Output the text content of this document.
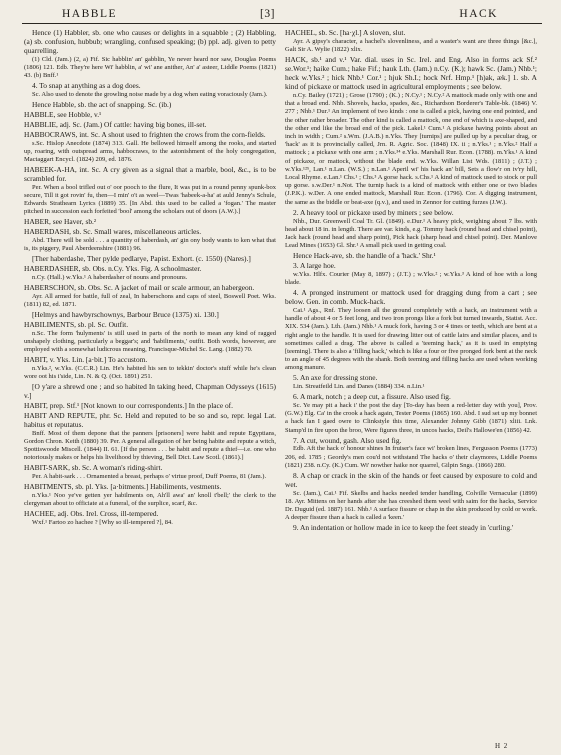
HABBLE	[3]	HACK

Hence (1) Habbler, sb. one who causes or delights in a squabble ; (2) Habbling, (a) sb. confusion, hubbub; wrangling, confused speaking; (b) ppl. adj. given to petty quarrelling.

(1) Cld. (Jam.) (2, a) Fif. Sic habblin' an' gabblin, Ye never heard nor saw, Douglas Poems (1806) 121. Edb. They're here Wi' habblin, a' wi' ane anither, An' a' asteer, Liddle Poems (1821) 43. (b) Bnff.¹

4. To snap at anything as a dog does.

Sc. Also used to denote the growling noise made by a dog when eating voraciously (Jam.).

Hence Habble, sb. the act of snapping. Sc. (ib.)

HABBLE, see Hobble, v.¹

HABBLIE, adj. Sc. (Jam.) Of cattle: having big bones, ill-set.

HABBOCRAWS, int. Sc. A shout used to frighten the crows from the corn-fields.

s.Sc. Hislop Anecdote (1874) 313. Gall. He bellowed himself among the rooks, and started up, roaring, with outspread arms, habbocraws, to the astonishment of the holy congregation, Mactaggart Encycl. (1824) 209, ed. 1876.

HABEEK-A-HA, int. Sc. A cry given as a signal that a marble, bool, &c., is to be scrambled for.

Per. When a bool trifled out o' oor pooch to the flure, It was put in a round penny spunk-box secure, Till it got rovin' fu, then—I min' o't as weel—Twas 'habeek-a-ha' at auld Jenny's Schule, Edwards Strathearn Lyrics (1889) 35. [In Abd. this used to be called a 'fogan.' The master pitched in succession each forfeited 'bool' among the scholars out of doors (A.W.).]

HABER, see Haver, sb.²

HABERDASH, sb. Sc. Small wares, miscellaneous articles.

Abd. There will be sold . . . a quantity of haberdash, an' gin ony body wants to ken what that is, its piggery, Paul Aberdeenshire (1881) 96.

[Ther haberdashe, Ther pylde pedlarye, Papist. Exhort. (c. 1550) (Nares).]

HABERDASHER, sb. Obs. n.Cy. Yks. Fig. A schoolmaster.

n.Cy. (Hall.) w.Yks.¹ A haberdasher of nouns and pronouns.

HABERSCHON, sb. Obs. Sc. A jacket of mail or scale armour, an habergeon.

Ayr. All armed for battle, full of zeal, In haberschons and caps of steel, Boswell Poet. Wks. (1811) 82, ed. 1871.

[Helmys and hawbyrschownys, Barbour Bruce (1375) xi. 130.]

HABILIMENTS, sb. pl. Sc. Outfit.

n.Sc. The form 'hulyments' is still used in parts of the north to mean any kind of ragged unshapely clothing, particularly a beggar's; and 'habiliments,' outfit. Both words, however, are employed with a somewhat ludicrous meaning, Francisque-Michel Sc. Lang. (1882) 70.

HABIT, v. Yks. Lin. [a·bit.] To accustom.

n.Yks.², w.Yks. (C.C.R.) Lin. He's habited his sen to tekkin' doctor's stuff while he's clean wore oot his i'side, Lin. N. & Q. (Oct. 1891) 251.

[O y'are a shrewd one ; and so habited In taking heed, Chapman Odysseys (1615) v.]

HABIT, prep. Stf.¹ [Not known to our correspondents.] In the place of.

HABIT AND REPUTE, phr. Sc. Held and reputed to be so and so, repr. legal Lat. habitus et reputatus.

Bnff. Most of them depone that the panners [prisoners] were habit and repute Egyptians, Gordon Chron. Keith (1880) 39. Per. A general allegation of her being habite and repute a witch, Spottiswoode Miscell. (1844) II. 61. [If the person . . . be habit and repute a thief—i.e. one who notoriously makes or helps his livelihood by thieving, Bell Dict. Law Scotl. (1861).]

HABIT-SARK, sb. Sc. A woman's riding-shirt.

Per. A habit-sark . . . Ornamented a breast, perhaps o' virtue proof, Duff Poems, 81 (Jam.).

HABITMENTS, sb. pl. Yks. [a·bitments.] Habiliments, vestments.

n.Yks.¹ Noo ye've getten yer habilments on, Ah'll awa' an' knoll t'bell;' the clerk to the clergyman about to officiate at a funeral, of the surplice, scarf, &c.

HACHEE, adj. Obs. Irel. Cross, ill-tempered.

Wxf.¹ Fartoo zo hachee ? [Why so ill-tempered ?], 84.

HACHEL, sb. Sc. [ha·χl.] A sloven, slut.

Ayr. A gipsy's character, a hachel's slovenliness, and a waster's want are three things [&c.], Galt Sir A. Wylie (1822) xlix.

HACK, sb.¹ and v.¹ Var. dial. uses in Sc. Irel. and Eng. Also in forms ack Sf.² se.Wor.¹; haike Cum.; hake Fif.; hauk Lth. (Jam.) n.Cy. (K.); hawk Sc. (Jam.) Nhb.¹; heck w.Yks.² ; hick Nhb.¹ Cor.¹ ; hjuk Sh.I.; hock Nrf. Hmp.¹ [h)ak, æk.] 1. sb. A kind of pickaxe or mattock used in agricultural employments ; see below.

n.Cy. Bailey (1721) ; Grose (1790) ; (K.) ; N.Cy.¹ ; N.Cy.² A mattock made only with one and that a broad end. Nhb. Shovels, hacks, spades, &c., Richardson Borderer's Table-bk. (1846) V. 277 ; Nhb.¹ Dur.¹ An implement of two kinds : one is called a pick, having one end pointed, and the other rather broader. The other kind is called a mattock, one end of which is axe-shaped, and the other end like the broad end of the pick. Lakel.¹ Cum.¹ A pickaxe having points about an inch in width ; Cum.² s.Wm. (J.A.B.) n.Yks. They [turnips] are pulled up by a peculiar drag, or 'hack' as it is provincially called, Jrn. R. Agric. Soc. (1848) IX. ii ; n.Yks.¹ ; n.Yks.² Half a mattock ; a pickaxe with one arm ; n.Yks.³⁴ e.Yks. Marshall Rur. Econ. (1788). m.Yks.¹ A kind of pickaxe, or mattock, without the blade end. w.Yks. Willan List Wds. (1811) ; (J.T.) ; w.Yks.¹²⁵, Lan.¹ n.Lan. (W.S.) ; n.Lan.¹ Aperil wi' his hack an' bill, Sets a flow'r on iv'ry hill, Local Rhyme. e.Lan.¹ Chs.¹ ; Chs.³ A gorse hack. s.Chs.¹ A kind of mattock used to stock or pull up gorse. s.w.Der.¹ n.Not. The turnip hack is a kind of mattock with either one or two blades (J.P.K.). w.Der. A one ended mattock, Marshall Rur. Econ. (1796). Cor. A digging instrument, the same as the biddle or beat-axe (q.v.), and used in Zennor for cutting furzes (J.W.).

2. A heavy tool or pickaxe used by miners ; see below.

Nhb., Dur. Greenwell Coal Tr. Gl. (1849). e.Dur.¹ A heavy pick, weighing about 7 lbs. with head about 18 in. in length. There are var. kinds, e.g. Tommy hack (round head and chisel point), Jack hack (round head and sharp point), Pick hack (sharp head and chisel point). Der. Manlove Lead Mines (1653) Gl. Shr.¹ A small pick used in getting coal.

Hence Hack-ave, sb. the handle of a 'hack.' Shr.¹

3. A large hoe.

w.Yks. Hlfx. Courier (May 8, 1897) ; (J.T.) ; w.Yks.² ; w.Yks.³ A kind of hoe with a long blade.

4. A pronged instrument or mattock used for dragging dung from a cart ; see below. Gen. in comb. Muck-hack.

Cai.¹ Ags., Rnf. They loosen all the ground completely with a hack, an instrument with a handle of about 4 or 5 feet long, and two iron prongs like a fork but turned inwards, Statist. Acc. XIX. 534 (Jam.). Lth. (Jam.) Nhb.¹ A muck fork, having 3 or 4 tines or teeth, which are bent at a right angle to the handle. It is used for drawing litter out of cattle lairs and similar places, and is sometimes called a drag. The above is called a 'teeming hack,' as it is used in emptying [teeming]. There is also a 'filling hack,' which is like a four or five pronged fork bent at the neck to an angle of 45 degrees with the shank. Both teeming and filling hacks are used when working among manure.

5. An axe for dressing stone.

Lin. Streatfeild Lin. and Danes (1884) 334. n.Lin.¹

6. A mark, notch ; a deep cut, a fissure. Also used fig.

Sc. Ye may pit a hack i' the post the day [To-day has been a red-letter day with you], Prov. (G.W.) Elg. Ca' in the crook a hack again, Tester Poems (1865) 160. Abd. I sud set up my bonnet a hack fan I gaed owre to Clinkstyle this time, Alexander Johnny Gibb (1871) xliii. Lnk. Stamp'd in fire upon the broo, Were figures three, in uncos hacks, Deil's Hallowe'en (1856) 42.

7. A cut, wound, gash. Also used fig.

Edb. Aft the hack o' honour shines In fruiser's face wi' broken lines, Fergusson Poems (1773) 206, ed. 1785 ; Geordy's men cou'd not withstand The hacks o' their claymores, Liddle Poems (1821) 238. n.Cy. (K.) Cum. Wi' nowther haike nor quarrel, Gilpin Sngs. (1866) 280.

8. A chap or crack in the skin of the hands or feet caused by exposure to cold and wet.

Sc. (Jam.), Cai.¹ Fif. Skelbs and hacks needed tender handling, Colville Vernacular (1899) 18. Ayr. Mittens on her hands after she has creeshed them weel with saim for the hacks, Service Dr. Duguid (ed. 1887) 161. Nhb.¹ A surface fissure or chap in the skin produced by cold or work. A deeper fissure than a hack is called a 'keen.'

9. An indentation or hollow made in ice to keep the feet steady in 'curling.'

H 2
